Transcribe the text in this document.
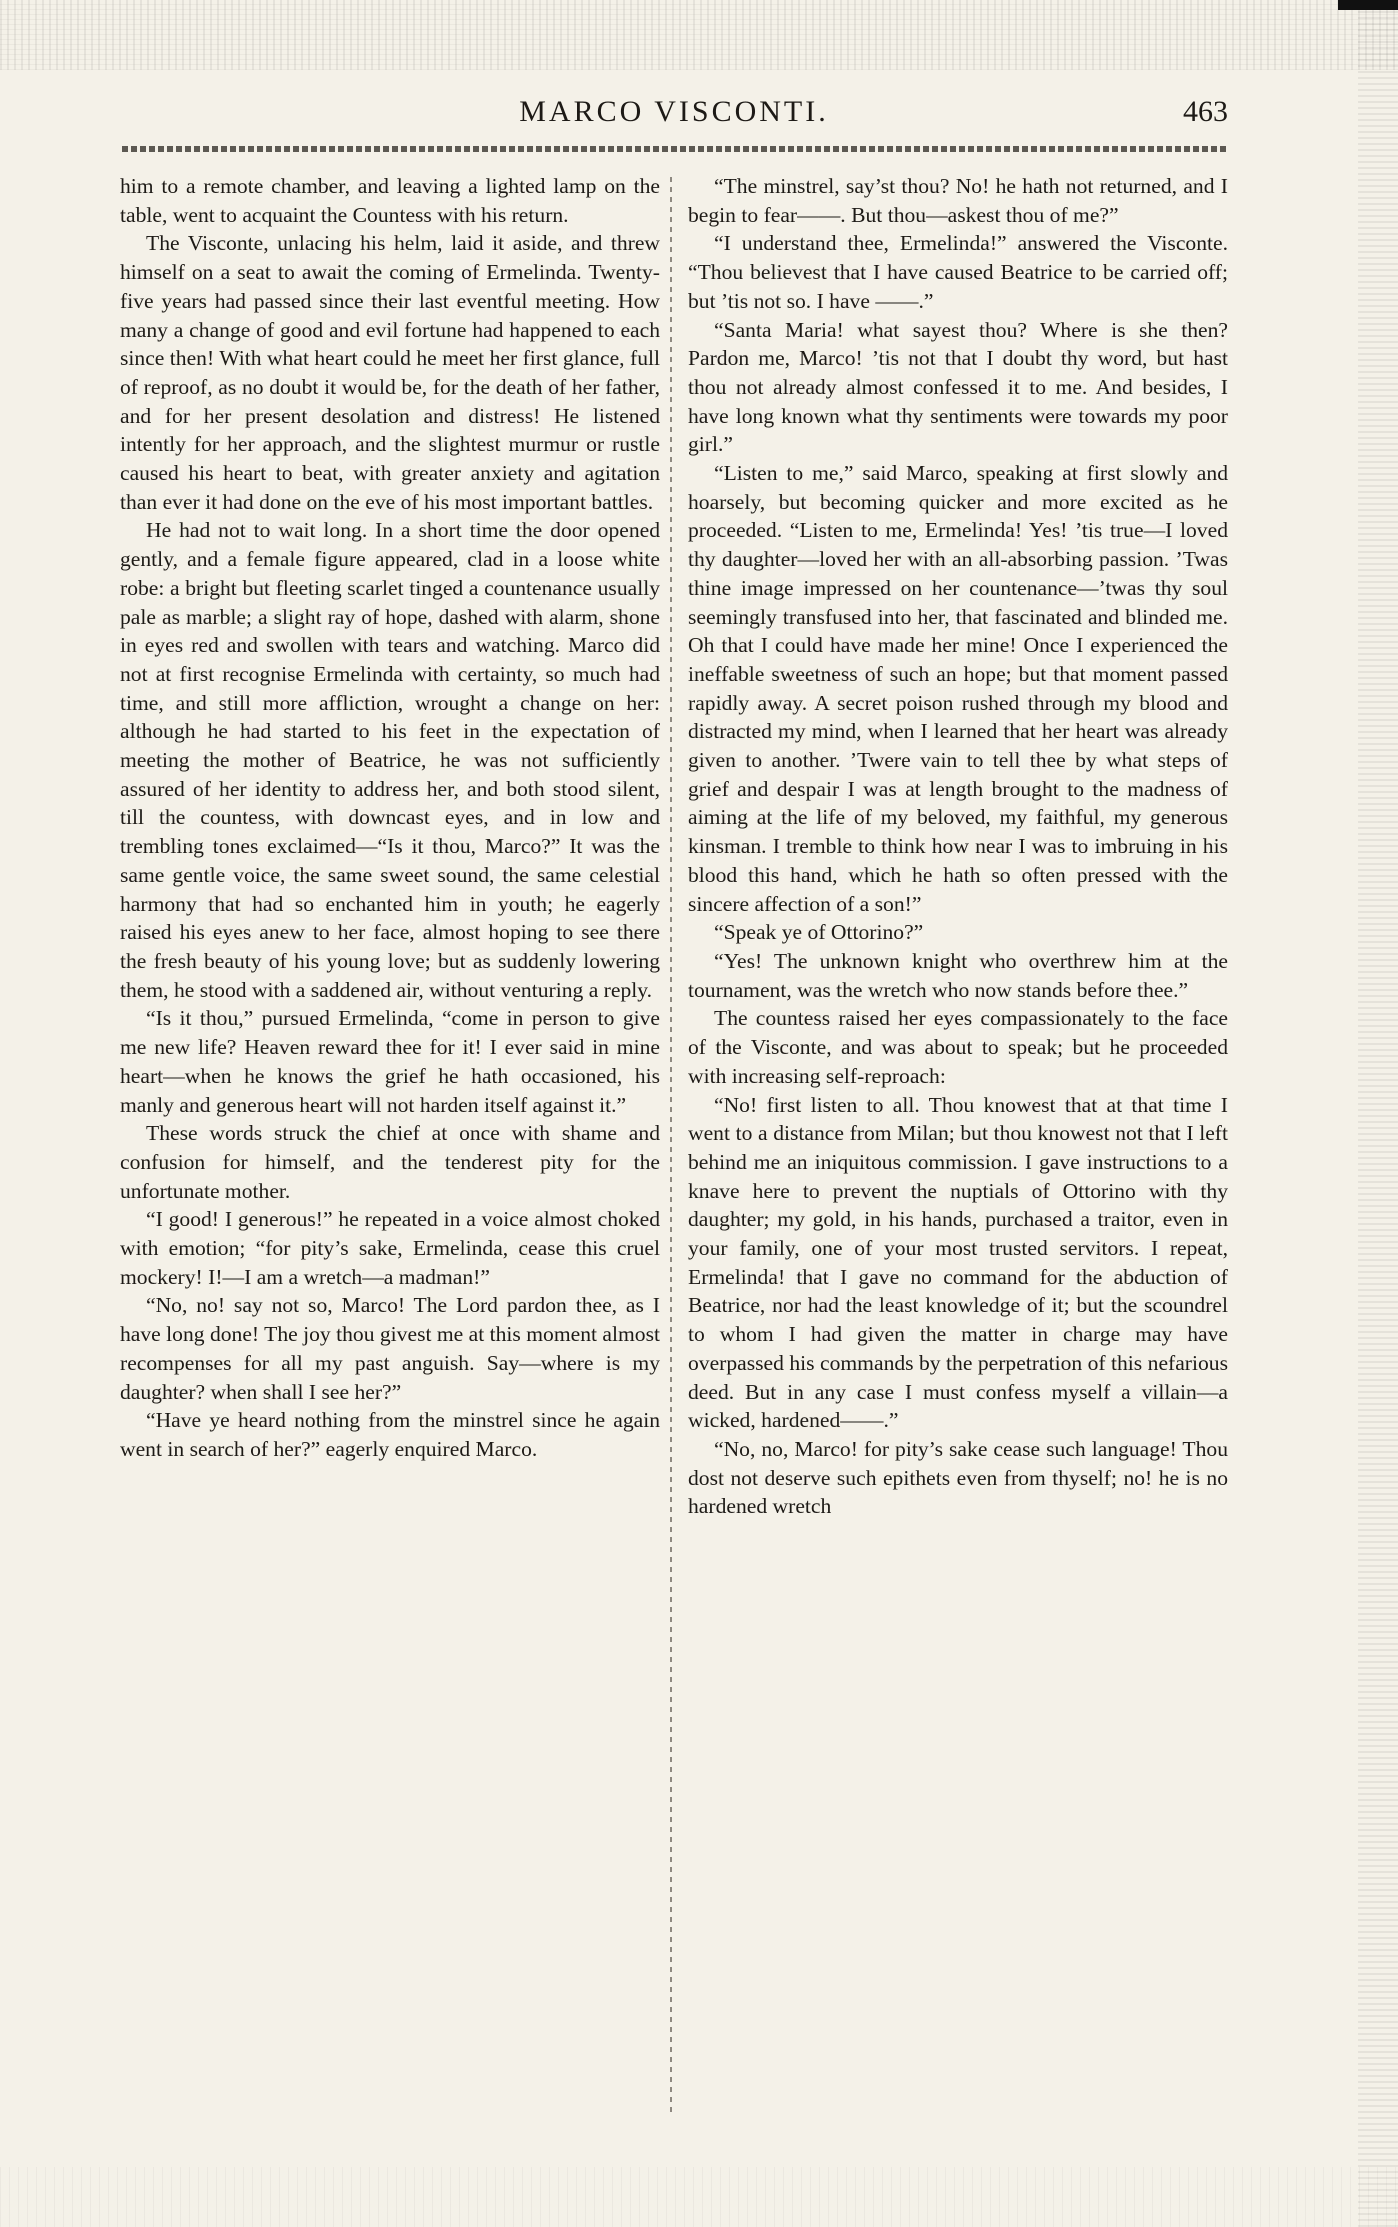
MARCO VISCONTI.	463

him to a remote chamber, and leaving a lighted lamp on the table, went to acquaint the Countess with his return.

The Visconte, unlacing his helm, laid it aside, and threw himself on a seat to await the coming of Ermelinda. Twenty-five years had passed since their last eventful meeting. How many a change of good and evil fortune had happened to each since then! With what heart could he meet her first glance, full of reproof, as no doubt it would be, for the death of her father, and for her present desolation and distress! He listened intently for her approach, and the slightest murmur or rustle caused his heart to beat, with greater anxiety and agitation than ever it had done on the eve of his most important battles.

He had not to wait long. In a short time the door opened gently, and a female figure appeared, clad in a loose white robe: a bright but fleeting scarlet tinged a countenance usually pale as marble; a slight ray of hope, dashed with alarm, shone in eyes red and swollen with tears and watching. Marco did not at first recognise Ermelinda with certainty, so much had time, and still more affliction, wrought a change on her: although he had started to his feet in the expectation of meeting the mother of Beatrice, he was not sufficiently assured of her identity to address her, and both stood silent, till the countess, with downcast eyes, and in low and trembling tones exclaimed—“Is it thou, Marco?” It was the same gentle voice, the same sweet sound, the same celestial harmony that had so enchanted him in youth; he eagerly raised his eyes anew to her face, almost hoping to see there the fresh beauty of his young love; but as suddenly lowering them, he stood with a saddened air, without venturing a reply.

“Is it thou,” pursued Ermelinda, “come in person to give me new life? Heaven reward thee for it! I ever said in mine heart—when he knows the grief he hath occasioned, his manly and generous heart will not harden itself against it.”

These words struck the chief at once with shame and confusion for himself, and the tenderest pity for the unfortunate mother.

“I good! I generous!” he repeated in a voice almost choked with emotion; “for pity’s sake, Ermelinda, cease this cruel mockery! I!—I am a wretch—a madman!”

“No, no! say not so, Marco! The Lord pardon thee, as I have long done! The joy thou givest me at this moment almost recompenses for all my past anguish. Say—where is my daughter? when shall I see her?”

“Have ye heard nothing from the minstrel since he again went in search of her?” eagerly enquired Marco.

“The minstrel, say’st thou? No! he hath not returned, and I begin to fear——. But thou—askest thou of me?”

“I understand thee, Ermelinda!” answered the Visconte. “Thou believest that I have caused Beatrice to be carried off; but ’tis not so. I have ——.”

“Santa Maria! what sayest thou? Where is she then? Pardon me, Marco! ’tis not that I doubt thy word, but hast thou not already almost confessed it to me. And besides, I have long known what thy sentiments were towards my poor girl.”

“Listen to me,” said Marco, speaking at first slowly and hoarsely, but becoming quicker and more excited as he proceeded. “Listen to me, Ermelinda! Yes! ’tis true—I loved thy daughter—loved her with an all-absorbing passion. ’Twas thine image impressed on her countenance—’twas thy soul seemingly transfused into her, that fascinated and blinded me. Oh that I could have made her mine! Once I experienced the ineffable sweetness of such an hope; but that moment passed rapidly away. A secret poison rushed through my blood and distracted my mind, when I learned that her heart was already given to another. ’Twere vain to tell thee by what steps of grief and despair I was at length brought to the madness of aiming at the life of my beloved, my faithful, my generous kinsman. I tremble to think how near I was to imbruing in his blood this hand, which he hath so often pressed with the sincere affection of a son!”

“Speak ye of Ottorino?”

“Yes! The unknown knight who overthrew him at the tournament, was the wretch who now stands before thee.”

The countess raised her eyes compassionately to the face of the Visconte, and was about to speak; but he proceeded with increasing self-reproach:

“No! first listen to all. Thou knowest that at that time I went to a distance from Milan; but thou knowest not that I left behind me an iniquitous commission. I gave instructions to a knave here to prevent the nuptials of Ottorino with thy daughter; my gold, in his hands, purchased a traitor, even in your family, one of your most trusted servitors. I repeat, Ermelinda! that I gave no command for the abduction of Beatrice, nor had the least knowledge of it; but the scoundrel to whom I had given the matter in charge may have overpassed his commands by the perpetration of this nefarious deed. But in any case I must confess myself a villain—a wicked, hardened——.”

“No, no, Marco! for pity’s sake cease such language! Thou dost not deserve such epithets even from thyself; no! he is no hardened wretch
